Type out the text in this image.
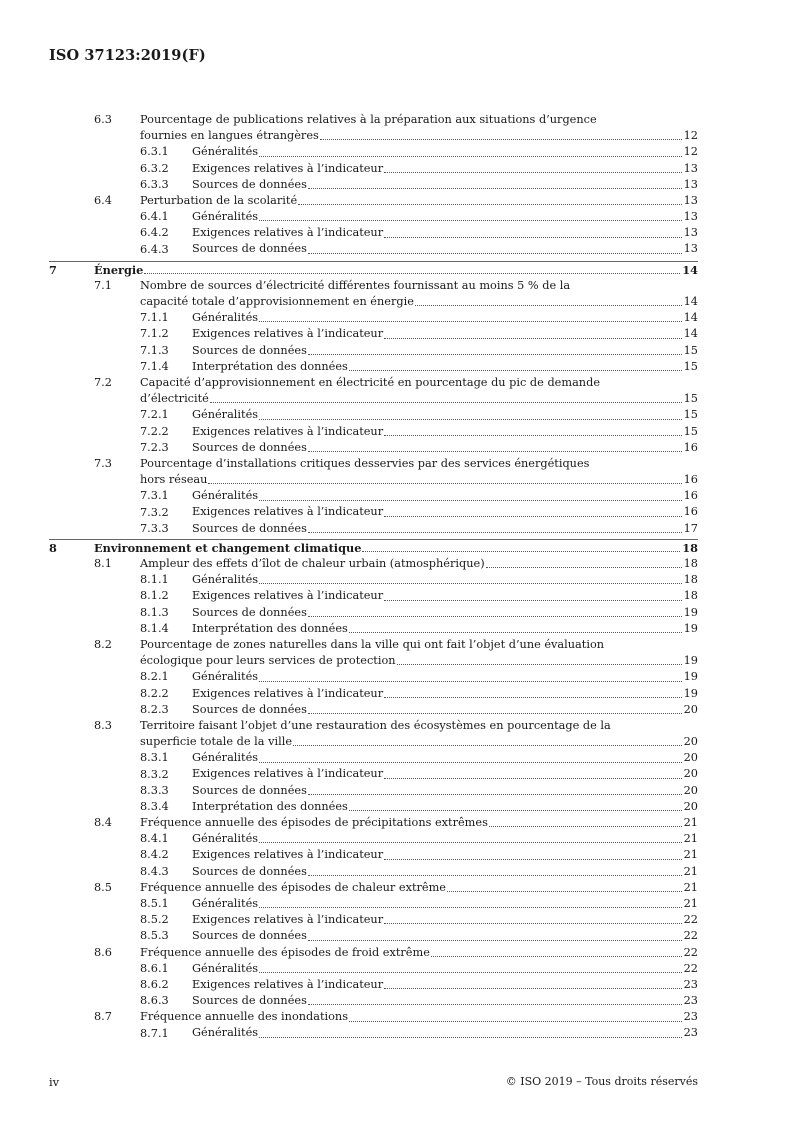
ISO 37123:2019(F)
6.3 Pourcentage de publications relatives à la préparation aux situations d’urgence
fournies en langues étrangères	12
6.3.1 Généralités	12
6.3.2 Exigences relatives à l’indicateur	13
6.3.3 Sources de données	13
6.4 Perturbation de la scolarité	13
6.4.1 Généralités	13
6.4.2 Exigences relatives à l’indicateur	13
6.4.3 Sources de données	13
7	Énergie	14
7.1 Nombre de sources d’électricité différentes fournissant au moins 5 % de la
capacité totale d’approvisionnement en énergie	14
7.1.1 Généralités	14
7.1.2 Exigences relatives à l’indicateur	14
7.1.3 Sources de données	15
7.1.4 Interprétation des données	15
7.2 Capacité d’approvisionnement en électricité en pourcentage du pic de demande
d’électricité	15
7.2.1 Généralités	15
7.2.2 Exigences relatives à l’indicateur	15
7.2.3 Sources de données	16
7.3 Pourcentage d’installations critiques desservies par des services énergétiques
hors réseau	16
7.3.1 Généralités	16
7.3.2 Exigences relatives à l’indicateur	16
7.3.3 Sources de données	17
8	Environnement et changement climatique	18
8.1 Ampleur des effets d’îlot de chaleur urbain (atmosphérique)	18
8.1.1 Généralités	18
8.1.2 Exigences relatives à l’indicateur	18
8.1.3 Sources de données	19
8.1.4 Interprétation des données	19
8.2 Pourcentage de zones naturelles dans la ville qui ont fait l’objet d’une évaluation
écologique pour leurs services de protection	19
8.2.1 Généralités	19
8.2.2 Exigences relatives à l’indicateur	19
8.2.3 Sources de données	20
8.3 Territoire faisant l’objet d’une restauration des écosystèmes en pourcentage de la
superficie totale de la ville	20
8.3.1 Généralités	20
8.3.2 Exigences relatives à l’indicateur	20
8.3.3 Sources de données	20
8.3.4 Interprétation des données	20
8.4 Fréquence annuelle des épisodes de précipitations extrêmes	21
8.4.1 Généralités	21
8.4.2 Exigences relatives à l’indicateur	21
8.4.3 Sources de données	21
8.5 Fréquence annuelle des épisodes de chaleur extrême	21
8.5.1 Généralités	21
8.5.2 Exigences relatives à l’indicateur	22
8.5.3 Sources de données	22
8.6 Fréquence annuelle des épisodes de froid extrême	22
8.6.1 Généralités	22
8.6.2 Exigences relatives à l’indicateur	23
8.6.3 Sources de données	23
8.7 Fréquence annuelle des inondations	23
8.7.1 Généralités	23
iv	© ISO 2019 – Tous droits réservés
